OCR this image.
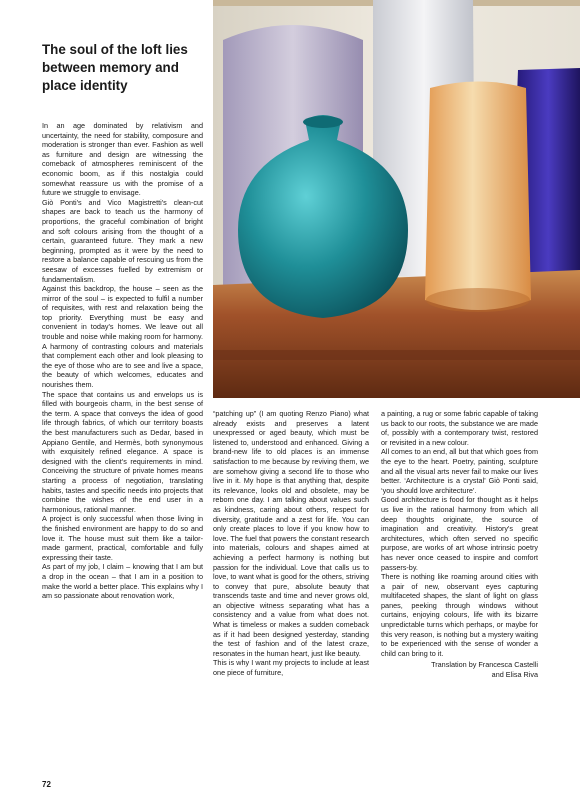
The soul of the loft lies between memory and place identity

In an age dominated by relativism and uncertainty, the need for stability, composure and moderation is stronger than ever. Fashion as well as furniture and design are witnessing the comeback of atmospheres reminiscent of the economic boom, as if this nostalgia could somewhat reassure us with the promise of a future we struggle to envisage.

Giò Ponti's and Vico Magistretti's clean-cut shapes are back to teach us the harmony of proportions, the graceful combination of bright and soft colours arising from the thought of a certain, guaranteed future. They mark a new beginning, prompted as it were by the need to restore a balance capable of rescuing us from the seesaw of excesses fuelled by extremism or fundamentalism.

Against this backdrop, the house – seen as the mirror of the soul – is expected to fulfil a number of requisites, with rest and relaxation being the top priority. Everything must be easy and convenient in today's homes. We leave out all trouble and noise while making room for harmony. A harmony of contrasting colours and materials that complement each other and look pleasing to the eye of those who are to see and live a space, the beauty of which welcomes, educates and nourishes them.

The space that contains us and envelops us is filled with bourgeois charm, in the best sense of the term. A space that conveys the idea of good life through fabrics, of which our territory boasts the best manufacturers such as Dedar, based in Appiano Gentile, and Hermès, both synonymous with exquisitely refined elegance. A space is designed with the client's requirements in mind. Conceiving the structure of private homes means starting a process of negotiation, translating habits, tastes and specific needs into projects that combine the wishes of the end user in a harmonious, rational manner.

A project is only successful when those living in the finished environment are happy to do so and love it. The house must suit them like a tailor-made garment, practical, comfortable and fully expressing their taste.

As part of my job, I claim – knowing that I am but a drop in the ocean – that I am in a position to make the world a better place. This explains why I am so passionate about renovation work,

“patching up” (I am quoting Renzo Piano) what already exists and preserves a latent unexpressed or aged beauty, which must be listened to, understood and enhanced. Giving a brand-new life to old places is an immense satisfaction to me because by reviving them, we are somehow giving a second life to those who live in it. My hope is that anything that, despite its relevance, looks old and obsolete, may be reborn one day. I am talking about values such as kindness, caring about others, respect for diversity, gratitude and a zest for life. You can only create places to love if you know how to love. The fuel that powers the constant research into materials, colours and shapes aimed at achieving a perfect harmony is nothing but passion for the individual. Love that calls us to love, to want what is good for the others, striving to convey that pure, absolute beauty that transcends taste and time and never grows old, an objective witness separating what has a consistency and a value from what does not. What is timeless or makes a sudden comeback as if it had been designed yesterday, standing the test of fashion and of the latest craze, resonates in the human heart, just like beauty.

This is why I want my projects to include at least one piece of furniture,

a painting, a rug or some fabric capable of taking us back to our roots, the substance we are made of, possibly with a contemporary twist, restored or revisited in a new colour.

All comes to an end, all but that which goes from the eye to the heart. Poetry, painting, sculpture and all the visual arts never fail to make our lives better. ‘Architecture is a crystal’ Giò Ponti said, ‘you should love architecture’.

Good architecture is food for thought as it helps us live in the rational harmony from which all deep thoughts originate, the source of imagination and creativity. History's great architectures, which often served no specific purpose, are works of art whose intrinsic poetry has never once ceased to inspire and comfort passers-by.

There is nothing like roaming around cities with a pair of new, observant eyes capturing multifaceted shapes, the slant of light on glass panes, peeking through windows without curtains, enjoying colours, life with its bizarre unpredictable turns which perhaps, or maybe for this very reason, is nothing but a mystery waiting to be experienced with the sense of wonder a child can bring to it.

Translation by Francesca Castelli
and Elisa Riva
72
